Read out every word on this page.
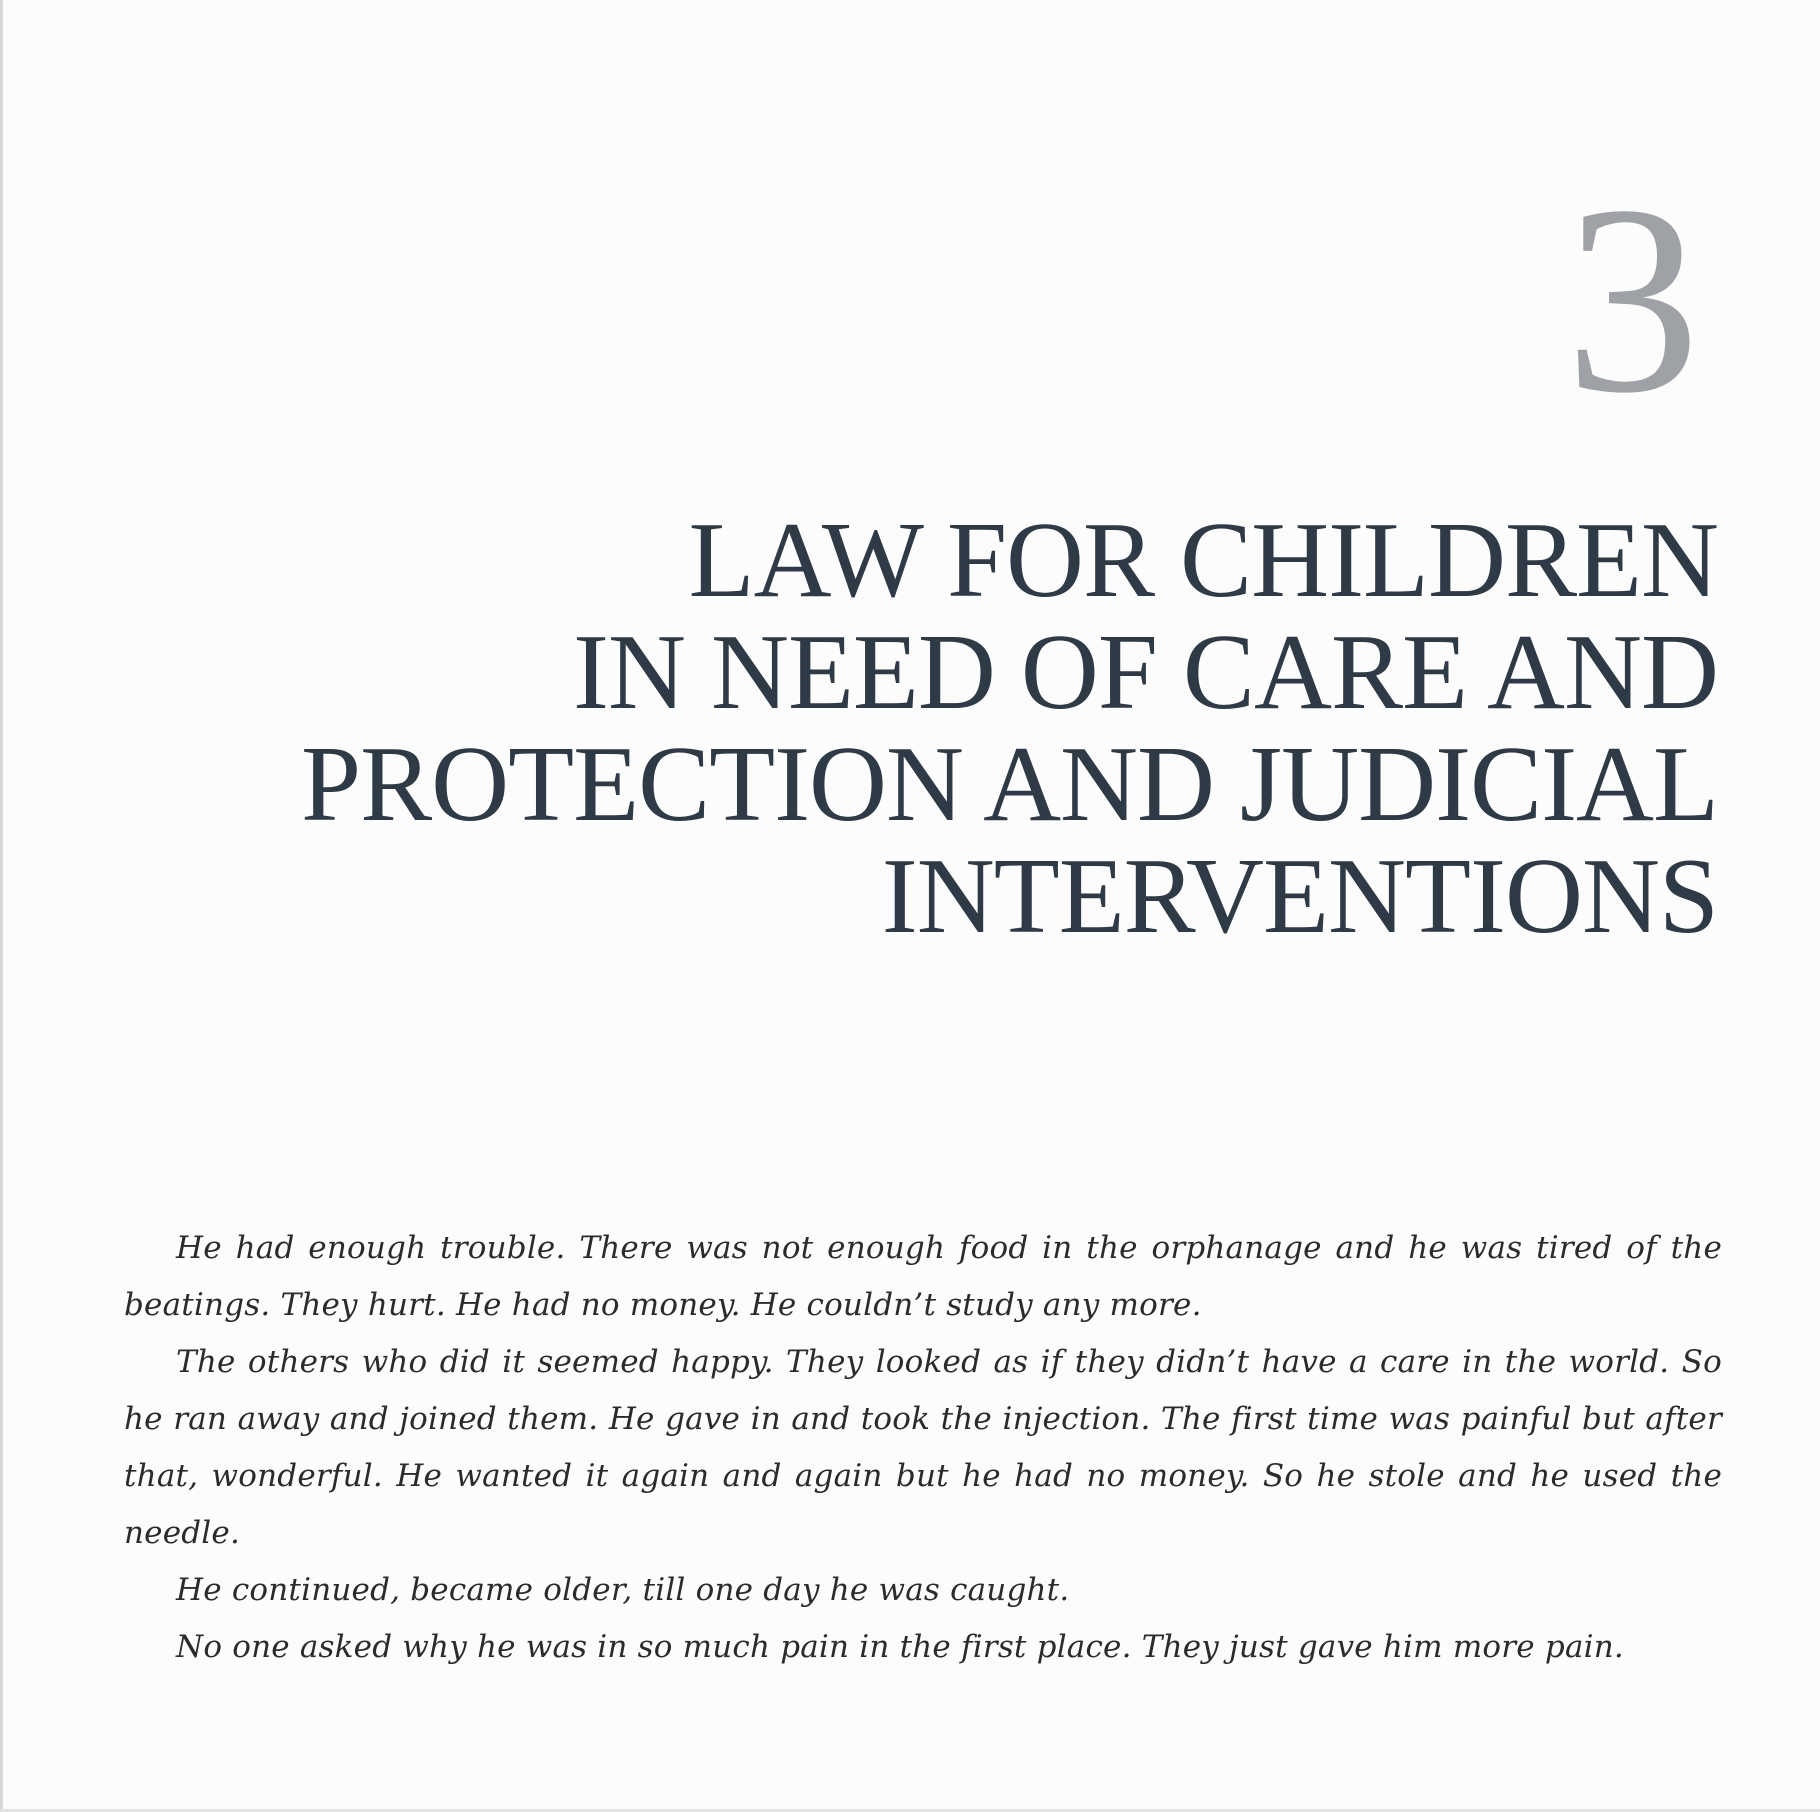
3
LAW FOR CHILDREN
IN NEED OF CARE AND
PROTECTION AND JUDICIAL
INTERVENTIONS

He had enough trouble. There was not enough food in the orphanage and he was tired of the beatings. They hurt. He had no money. He couldn’t study any more.

The others who did it seemed happy. They looked as if they didn’t have a care in the world. So he ran away and joined them. He gave in and took the injection. The first time was painful but after that, wonderful. He wanted it again and again but he had no money. So he stole and he used the needle.

He continued, became older, till one day he was caught.

No one asked why he was in so much pain in the first place. They just gave him more pain.
